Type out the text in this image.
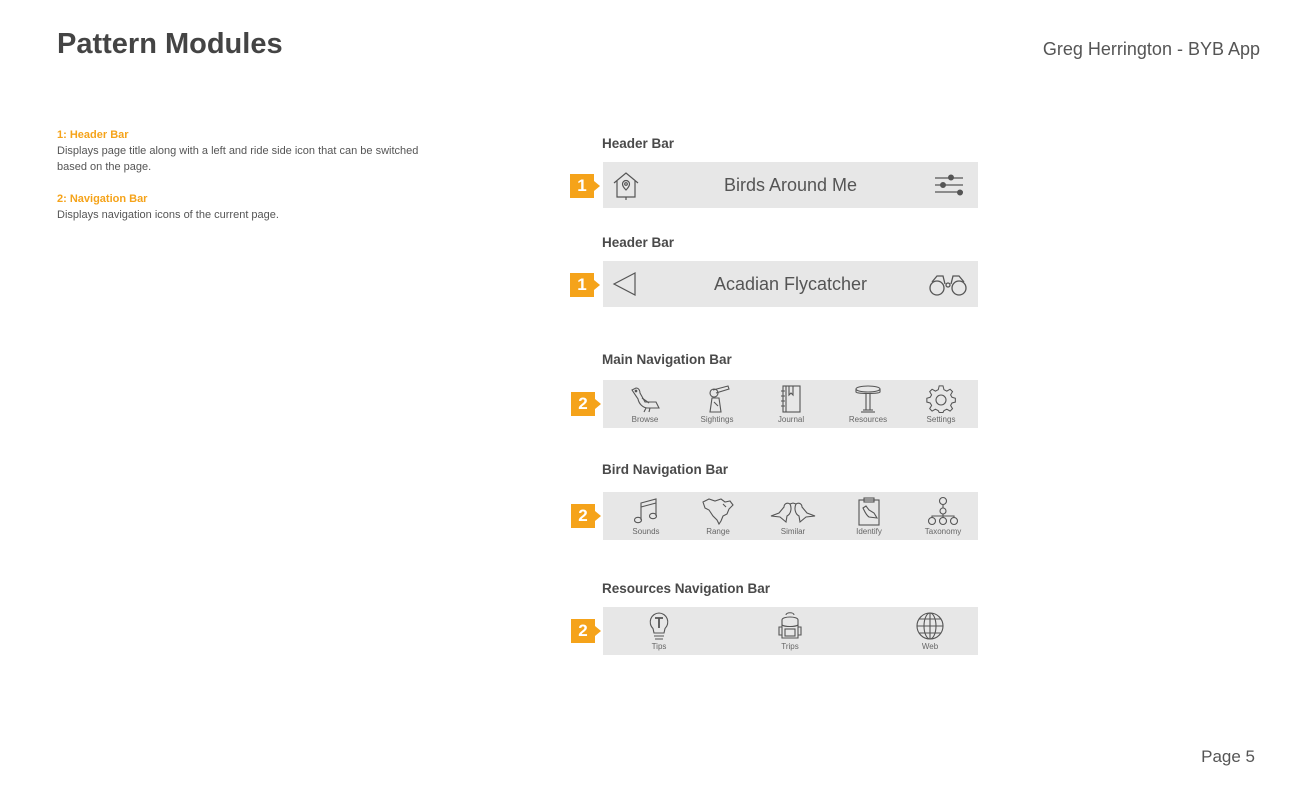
Pattern Modules	Greg Herrington - BYB App
1: Header Bar
Displays page title along with a left and ride side icon that can be switched based on the page.
2: Navigation Bar
Displays navigation icons of the current page.
Header Bar
1	Birds Around Me
Header Bar
1	Acadian Flycatcher
Main Navigation Bar
2
Browse	Sightings	Journal	Resources	Settings
Bird Navigation Bar
2
Sounds	Range	Similar	Identify	Taxonomy
Resources Navigation Bar
2
Tips	Trips	Web
Page 5
